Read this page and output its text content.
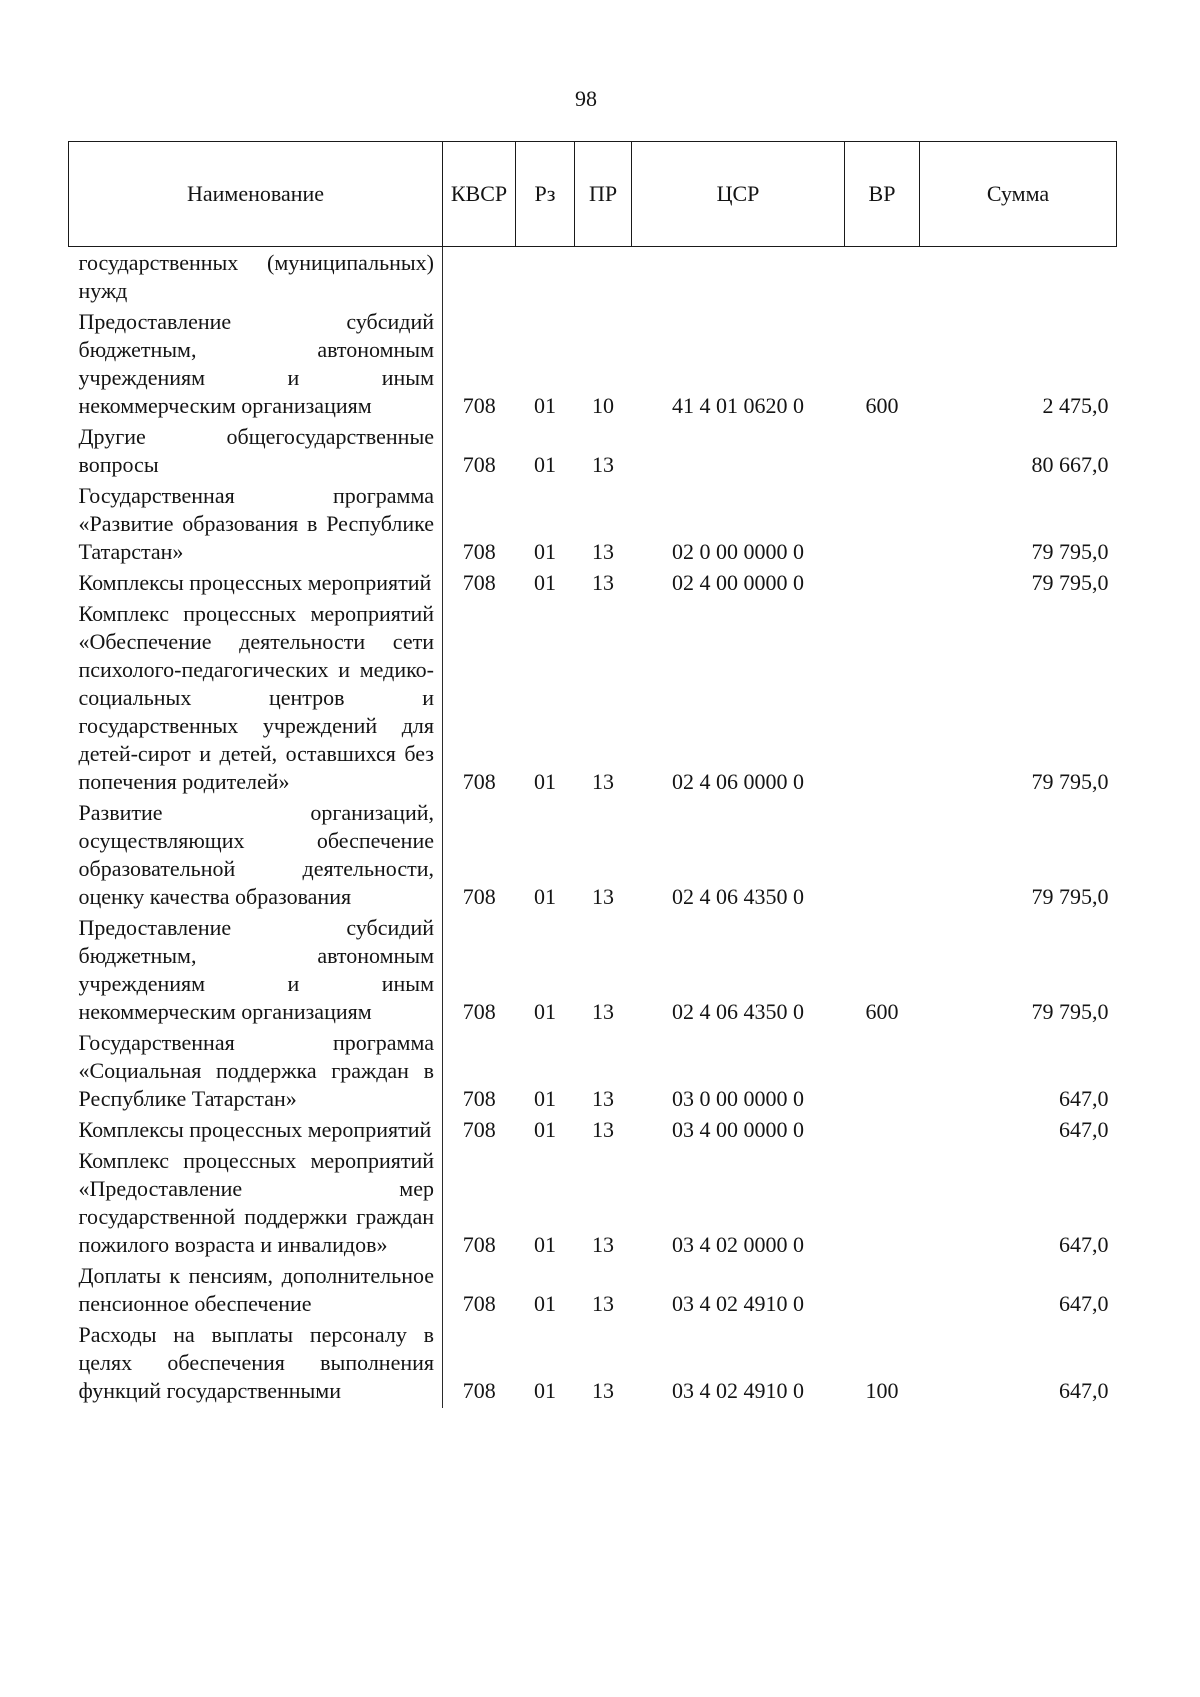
98
Наименование	КВСР	Рз	ПР	ЦСР	ВР	Сумма
государственных (муниципальных) нужд						
Предоставление субсидий бюджетным, автономным учреждениям и иным некоммерческим организациям	708	01	10	41 4 01 0620 0	600	2 475,0
Другие общегосударственные вопросы	708	01	13			80 667,0
Государственная программа «Развитие образования в Республике Татарстан»	708	01	13	02 0 00 0000 0		79 795,0
Комплексы процессных мероприятий	708	01	13	02 4 00 0000 0		79 795,0
Комплекс процессных мероприятий «Обеспечение деятельности сети психолого-педагогических и медико-социальных центров и государственных учреждений для детей-сирот и детей, оставшихся без попечения родителей»	708	01	13	02 4 06 0000 0		79 795,0
Развитие организаций, осуществляющих обеспечение образовательной деятельности, оценку качества образования	708	01	13	02 4 06 4350 0		79 795,0
Предоставление субсидий бюджетным, автономным учреждениям и иным некоммерческим организациям	708	01	13	02 4 06 4350 0	600	79 795,0
Государственная программа «Социальная поддержка граждан в Республике Татарстан»	708	01	13	03 0 00 0000 0		647,0
Комплексы процессных мероприятий	708	01	13	03 4 00 0000 0		647,0
Комплекс процессных мероприятий «Предоставление мер государственной поддержки граждан пожилого возраста и инвалидов»	708	01	13	03 4 02 0000 0		647,0
Доплаты к пенсиям, дополнительное пенсионное обеспечение	708	01	13	03 4 02 4910 0		647,0
Расходы на выплаты персоналу в целях обеспечения выполнения функций государственными	708	01	13	03 4 02 4910 0	100	647,0
